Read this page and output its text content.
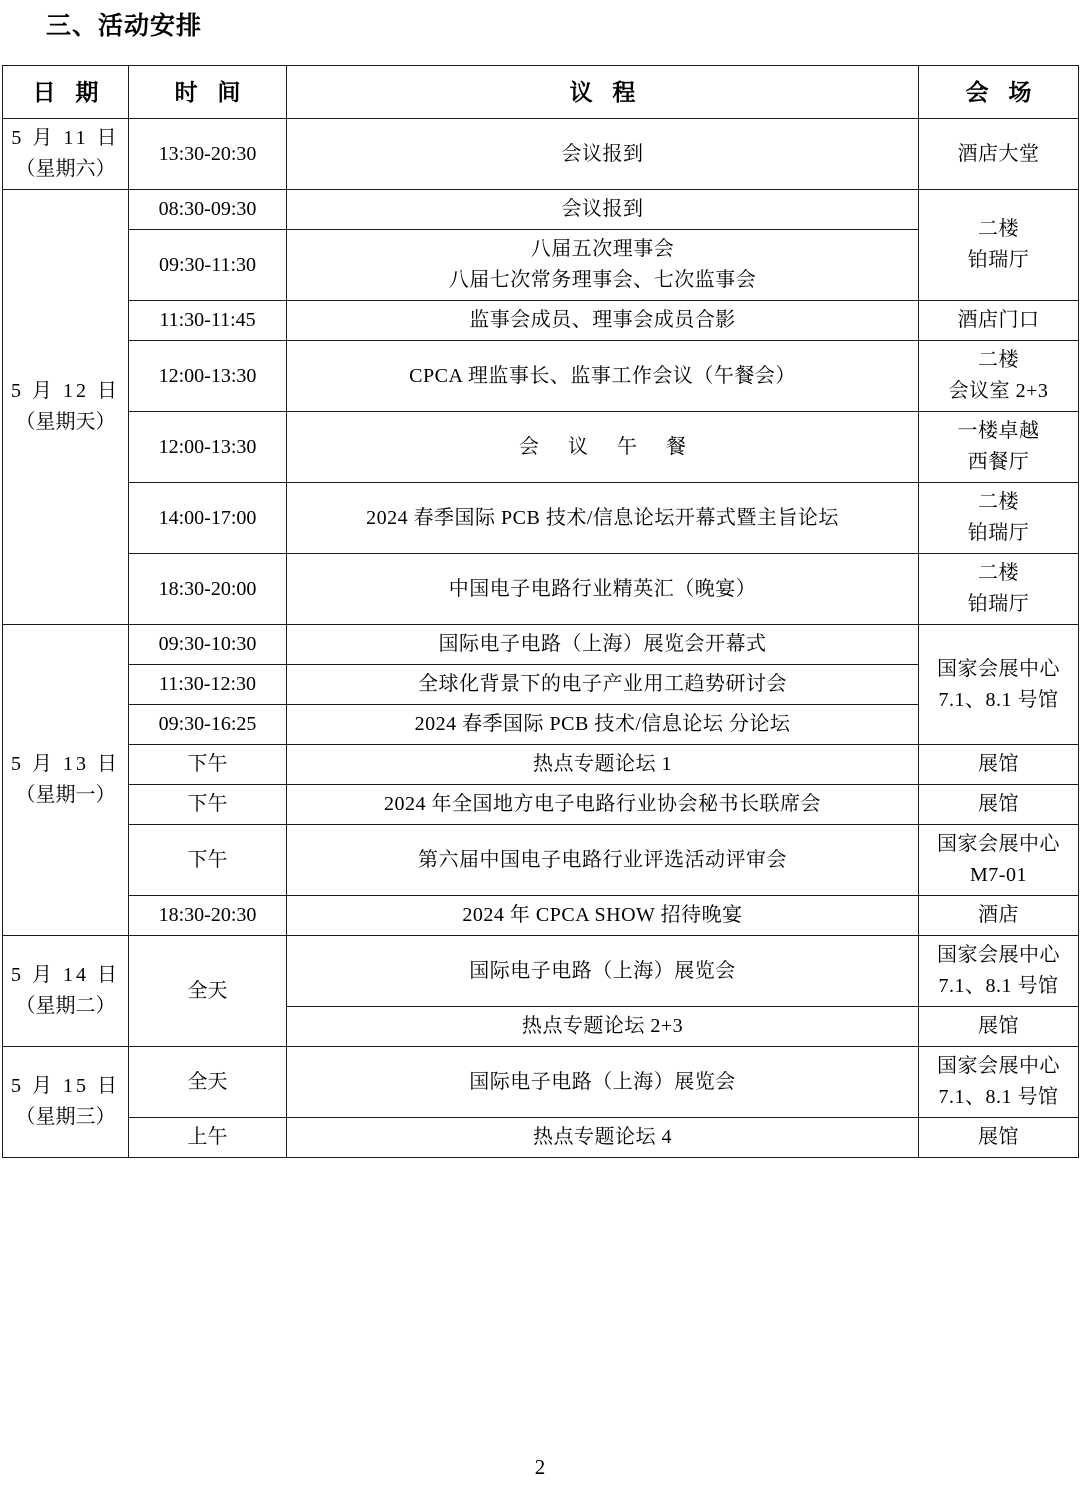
三、活动安排
日 期	时 间	议 程	会 场

5 月 11 日
（星期六）	13:30-20:30	会议报到	酒店大堂

5 月 12 日
（星期天）	08:30-09:30	会议报到	二楼
铂瑞厅

	09:30-11:30	八届五次理事会
八届七次常务理事会、七次监事会	

	11:30-11:45	监事会成员、理事会成员合影	酒店门口

	12:00-13:30	CPCA 理监事长、监事工作会议（午餐会）	二楼
会议室 2+3

	12:00-13:30	会 议 午 餐	一楼卓越
西餐厅

	14:00-17:00	2024 春季国际 PCB 技术/信息论坛开幕式暨主旨论坛	二楼
铂瑞厅

	18:30-20:00	中国电子电路行业精英汇（晚宴）	二楼
铂瑞厅

5 月 13 日
（星期一）	09:30-10:30	国际电子电路（上海）展览会开幕式	国家会展中心
7.1、8.1 号馆

	11:30-12:30	全球化背景下的电子产业用工趋势研讨会	

	09:30-16:25	2024 春季国际 PCB 技术/信息论坛 分论坛	

	下午	热点专题论坛 1	展馆

	下午	2024 年全国地方电子电路行业协会秘书长联席会	展馆

	下午	第六届中国电子电路行业评选活动评审会	国家会展中心
M7-01

	18:30-20:30	2024 年 CPCA SHOW 招待晚宴	酒店

5 月 14 日
（星期二）	全天	国际电子电路（上海）展览会	国家会展中心
7.1、8.1 号馆

		热点专题论坛 2+3	展馆

5 月 15 日
（星期三）	全天	国际电子电路（上海）展览会	国家会展中心
7.1、8.1 号馆

	上午	热点专题论坛 4	展馆
2
